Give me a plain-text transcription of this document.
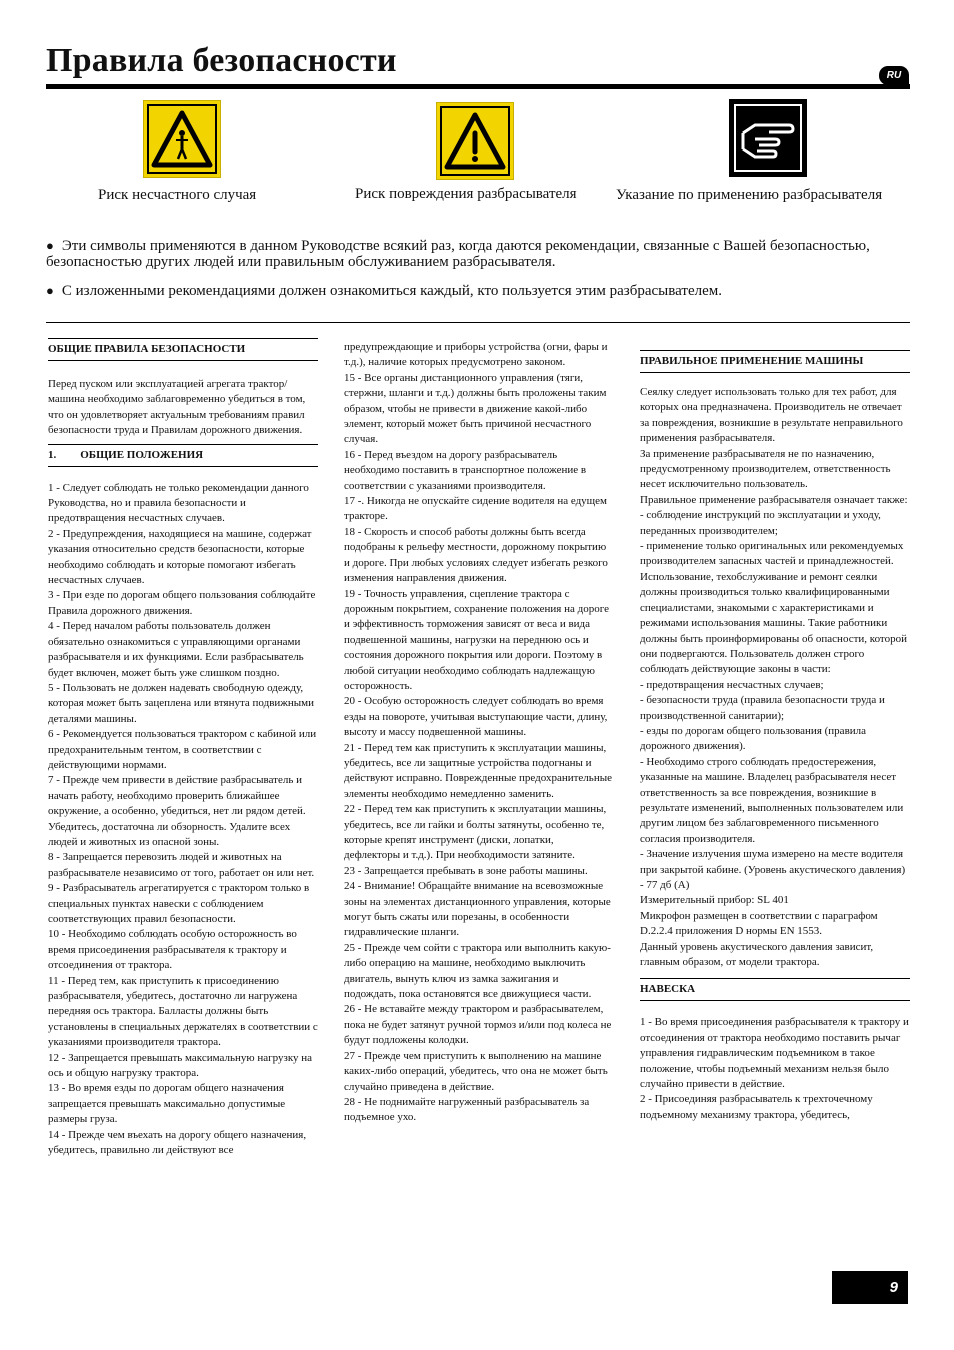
Правила безопасности	RU
Риск несчастного случая	Риск повреждения разбрасывателя	Указание по применению разбрасывателя

● Эти символы применяются в данном Руководстве всякий раз, когда даются рекомендации, связанные с Вашей безопасностью, безопасностью других людей или правильным обслуживанием разбрасывателя.

● С изложенными рекомендациями должен ознакомиться каждый, кто пользуется этим разбрасывателем.

ОБЩИЕ ПРАВИЛА БЕЗОПАСНОСТИ

Перед пуском или эксплуатацией агрегата трактор/машина необходимо заблаговременно убедиться в том, что он удовлетворяет актуальным требованиям правил безопасности труда и Правилам дорожного движения.

1. ОБЩИЕ ПОЛОЖЕНИЯ

1 - Следует соблюдать не только рекомендации данного Руководства, но и правила безопасности и предотвращения несчастных случаев.

2 - Предупреждения, находящиеся на машине, содержат указания относительно средств безопасности, которые необходимо соблюдать и которые помогают избегать несчастных случаев.

3 - При езде по дорогам общего пользования соблюдайте Правила дорожного движения.

4 - Перед началом работы пользователь должен обязательно ознакомиться с управляющими органами разбрасывателя и их функциями. Если разбрасыватель будет включен, может быть уже слишком поздно.

5 - Пользовать не должен надевать свободную одежду, которая может быть зацеплена или втянута подвижными деталями машины.

6 - Рекомендуется пользоваться трактором с кабиной или предохранительным тентом, в соответствии с действующими нормами.

7 - Прежде чем привести в действие разбрасыватель и начать работу, необходимо проверить ближайшее окружение, а особенно, убедиться, нет ли рядом детей. Убедитесь, достаточна ли обзорность. Удалите всех людей и животных из опасной зоны.

8 - Запрещается перевозить людей и животных на разбрасывателе независимо от того, работает он или нет.

9 - Разбрасыватель агрегатируется с трактором только в специальных пунктах навески с соблюдением соответствующих правил безопасности.

10 - Необходимо соблюдать особую осторожность во время присоединения разбрасывателя к трактору и отсоединения от трактора.

11 - Перед тем, как приступить к присоединению разбрасывателя, убедитесь, достаточно ли нагружена передняя ось трактора. Балласты должны быть установлены в специальных держателях в соответствии с указаниями производителя трактора.

12 - Запрещается превышать максимальную нагрузку на ось и общую нагрузку трактора.

13 - Во время езды по дорогам общего назначения запрещается превышать максимально допустимые размеры груза.

14 - Прежде чем въехать на дорогу общего назначения, убедитесь, правильно ли действуют все

предупреждающие и приборы устройства (огни, фары и т.д.), наличие которых предусмотрено законом.

15 - Все органы дистанционного управления (тяги, стержни, шланги и т.д.) должны быть проложены таким образом, чтобы не привести в движение какой-либо элемент, который может быть причиной несчастного случая.

16 - Перед въездом на дорогу разбрасыватель необходимо поставить в транспортное положение в соответствии с указаниями производителя.

17 -. Никогда не опускайте сидение водителя на едущем тракторе.

18 - Скорость и способ работы должны быть всегда подобраны к рельефу местности, дорожному покрытию и дороге. При любых условиях следует избегать резкого изменения направления движения.

19 - Точность управления, сцепление трактора с дорожным покрытием, сохранение положения на дороге и эффективность торможения зависят от веса и вида подвешенной машины, нагрузки на переднюю ось и состояния дорожного покрытия или дороги. Поэтому в любой ситуации необходимо соблюдать надлежащую осторожность.

20 - Особую осторожность следует соблюдать во время езды на повороте, учитывая выступающие части, длину, высоту и массу подвешенной машины.

21 - Перед тем как приступить к эксплуатации машины, убедитесь, все ли защитные устройства подогнаны и действуют исправно. Поврежденные предохранительные элементы необходимо немедленно заменить.

22 - Перед тем как приступить к эксплуатации машины, убедитесь, все ли гайки и болты затянуты, особенно те, которые крепят инструмент (диски, лопатки, дефлекторы и т.д.). При необходимости затяните.

23 - Запрещается пребывать в зоне работы машины.

24 - Внимание! Обращайте внимание на всевозможные зоны на элементах дистанционного управления, которые могут быть сжаты или порезаны, в особенности гидравлические шланги.

25 - Прежде чем сойти с трактора или выполнить какую-либо операцию на машине, необходимо выключить двигатель, вынуть ключ из замка зажигания и подождать, пока остановятся все движущиеся части.

26 - Не вставайте между трактором и разбрасывателем, пока не будет затянут ручной тормоз и/или под колеса не будут подложены колодки.

27 - Прежде чем приступить к выполнению на машине каких-либо операций, убедитесь, что она не может быть случайно приведена в действие.

28 - Не поднимайте нагруженный разбрасыватель за подъемное ухо.

ПРАВИЛЬНОЕ ПРИМЕНЕНИЕ МАШИНЫ

Сеялку следует использовать только для тех работ, для которых она предназначена. Производитель не отвечает за повреждения, возникшие в результате неправильного применения разбрасывателя.

За применение разбрасывателя не по назначению, предусмотренному производителем, ответственность несет исключительно пользователь.

Правильное применение разбрасывателя означает также:

- соблюдение инструкций по эксплуатации и уходу, переданных производителем;

- применение только оригинальных или рекомендуемых производителем запасных частей и принадлежностей.

Использование, техобслуживание и ремонт сеялки должны производиться только квалифицированными специалистами, знакомыми с характеристиками и режимами использования машины. Такие работники должны быть проинформированы об опасности, которой они подвергаются. Пользователь должен строго соблюдать действующие законы в части:

- предотвращения несчастных случаев;

- безопасности труда (правила безопасности труда и производственной санитарии);

- езды по дорогам общего пользования (правила дорожного движения).

- Необходимо строго соблюдать предостережения, указанные на машине. Владелец разбрасывателя несет ответственность за все повреждения, возникшие в результате изменений, выполненных пользователем или другим лицом без заблаговременного письменного согласия производителя.

- Значение излучения шума измерено на месте водителя при закрытой кабине. (Уровень акустического давления) - 77 дб (А)

Измерительный прибор: SL 401

Микрофон размещен в соответствии с параграфом D.2.2.4 приложения D нормы EN 1553.

Данный уровень акустического давления зависит, главным образом, от модели трактора.

НАВЕСКА

1 - Во время присоединения разбрасывателя к трактору и отсоединения от трактора необходимо поставить рычаг управления гидравлическим подъемником в такое положение, чтобы подъемный механизм нельзя было случайно привести в действие.

2 - Присоединяя разбрасыватель к трехточечному подъемному механизму трактора, убедитесь,

9
